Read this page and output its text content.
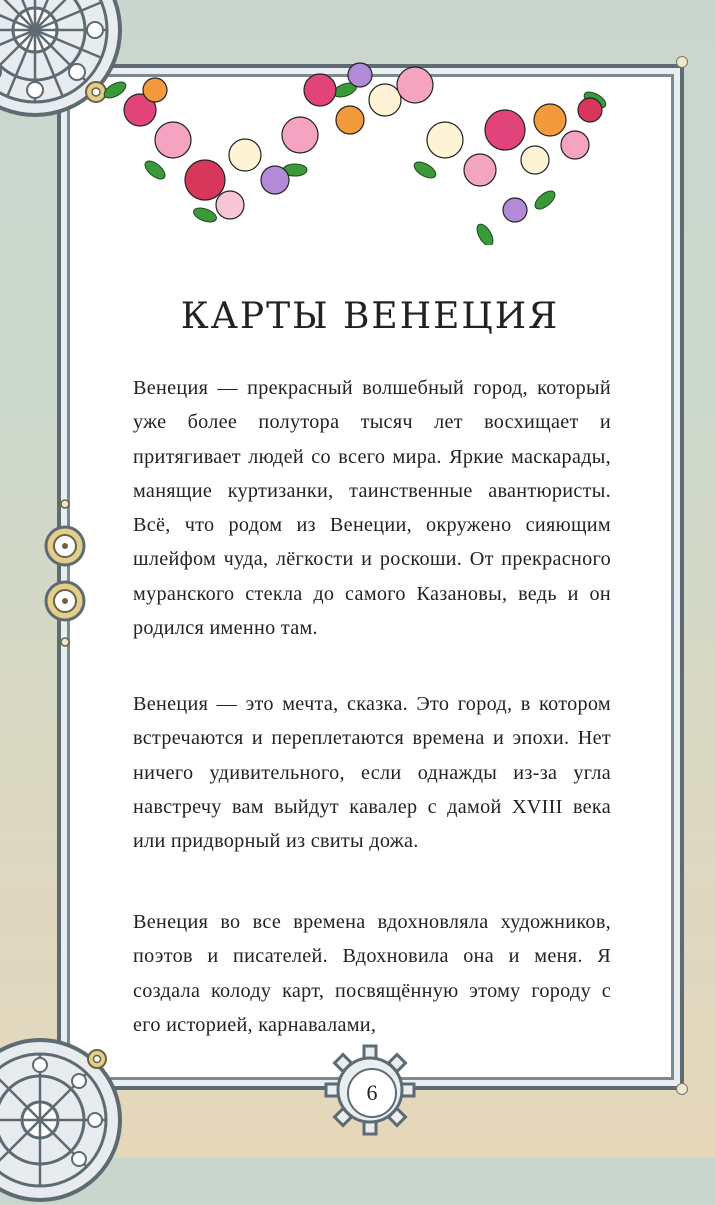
КАРТЫ ВЕНЕЦИЯ

Венеция — прекрасный волшебный город, который уже более полутора тысяч лет восхищает и притягивает людей со всего мира. Яркие маскарады, манящие куртизанки, таинственные авантюристы. Всё, что родом из Венеции, окружено сияющим шлейфом чуда, лёгкости и роскоши. От прекрасного муранского стекла до самого Казановы, ведь и он родился именно там.

Венеция — это мечта, сказка. Это город, в котором встречаются и переплетаются времена и эпохи. Нет ничего удивительного, если однажды из-за угла навстречу вам выйдут кавалер с дамой XVIII века или придворный из свиты дожа.

Венеция во все времена вдохновляла художников, поэтов и писателей. Вдохновила она и меня. Я создала колоду карт, посвящённую этому городу с его историей, карнавалами,

6
